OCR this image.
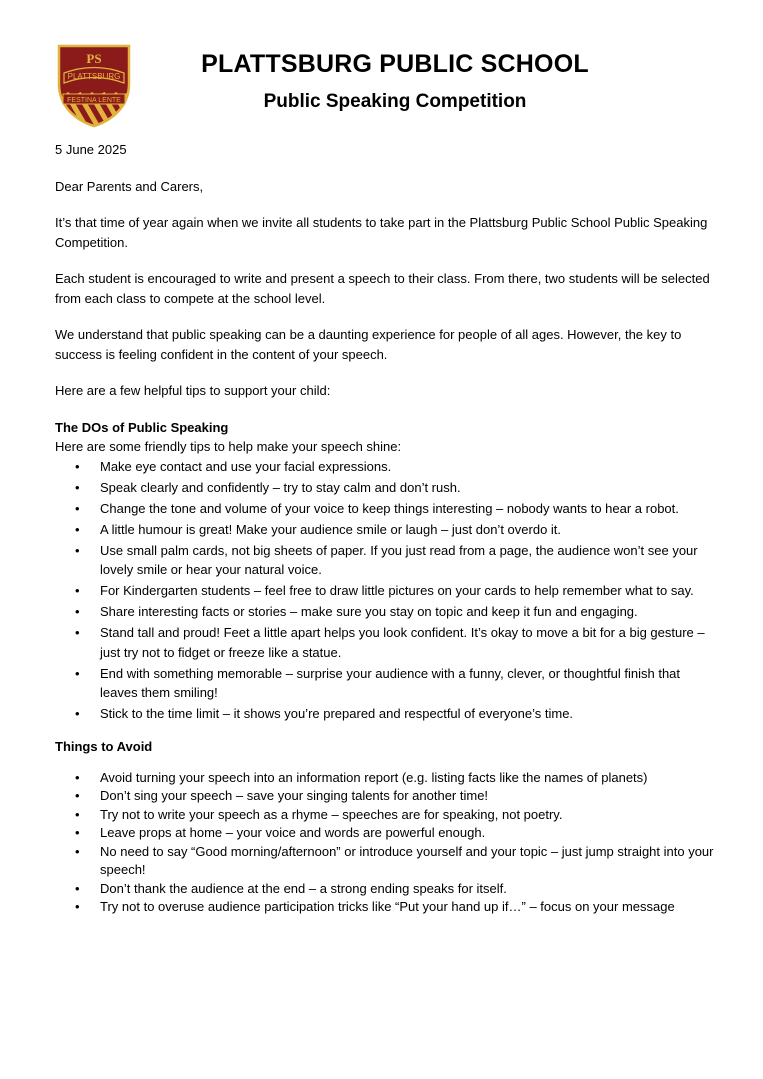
PS
PLATTSBURG
FESTINA LENTE
PLATTSBURG PUBLIC SCHOOL
Public Speaking Competition

5 June 2025

Dear Parents and Carers,

It’s that time of year again when we invite all students to take part in the Plattsburg Public School Public Speaking Competition.

Each student is encouraged to write and present a speech to their class. From there, two students will be selected from each class to compete at the school level.

We understand that public speaking can be a daunting experience for people of all ages. However, the key to success is feeling confident in the content of your speech.

Here are a few helpful tips to support your child:

The DOs of Public Speaking

Here are some friendly tips to help make your speech shine:

• Make eye contact and use your facial expressions.
• Speak clearly and confidently – try to stay calm and don’t rush.
• Change the tone and volume of your voice to keep things interesting – nobody wants to hear a robot.
• A little humour is great! Make your audience smile or laugh – just don’t overdo it.
• Use small palm cards, not big sheets of paper. If you just read from a page, the audience won’t see your lovely smile or hear your natural voice.
• For Kindergarten students – feel free to draw little pictures on your cards to help remember what to say.
• Share interesting facts or stories – make sure you stay on topic and keep it fun and engaging.
• Stand tall and proud! Feet a little apart helps you look confident. It’s okay to move a bit for a big gesture – just try not to fidget or freeze like a statue.
• End with something memorable – surprise your audience with a funny, clever, or thoughtful finish that leaves them smiling!
• Stick to the time limit – it shows you’re prepared and respectful of everyone’s time.

Things to Avoid

• Avoid turning your speech into an information report (e.g. listing facts like the names of planets)
• Don’t sing your speech – save your singing talents for another time!
• Try not to write your speech as a rhyme – speeches are for speaking, not poetry.
• Leave props at home – your voice and words are powerful enough.
• No need to say “Good morning/afternoon” or introduce yourself and your topic – just jump straight into your speech!
• Don’t thank the audience at the end – a strong ending speaks for itself.
• Try not to overuse audience participation tricks like “Put your hand up if…” – focus on your message
